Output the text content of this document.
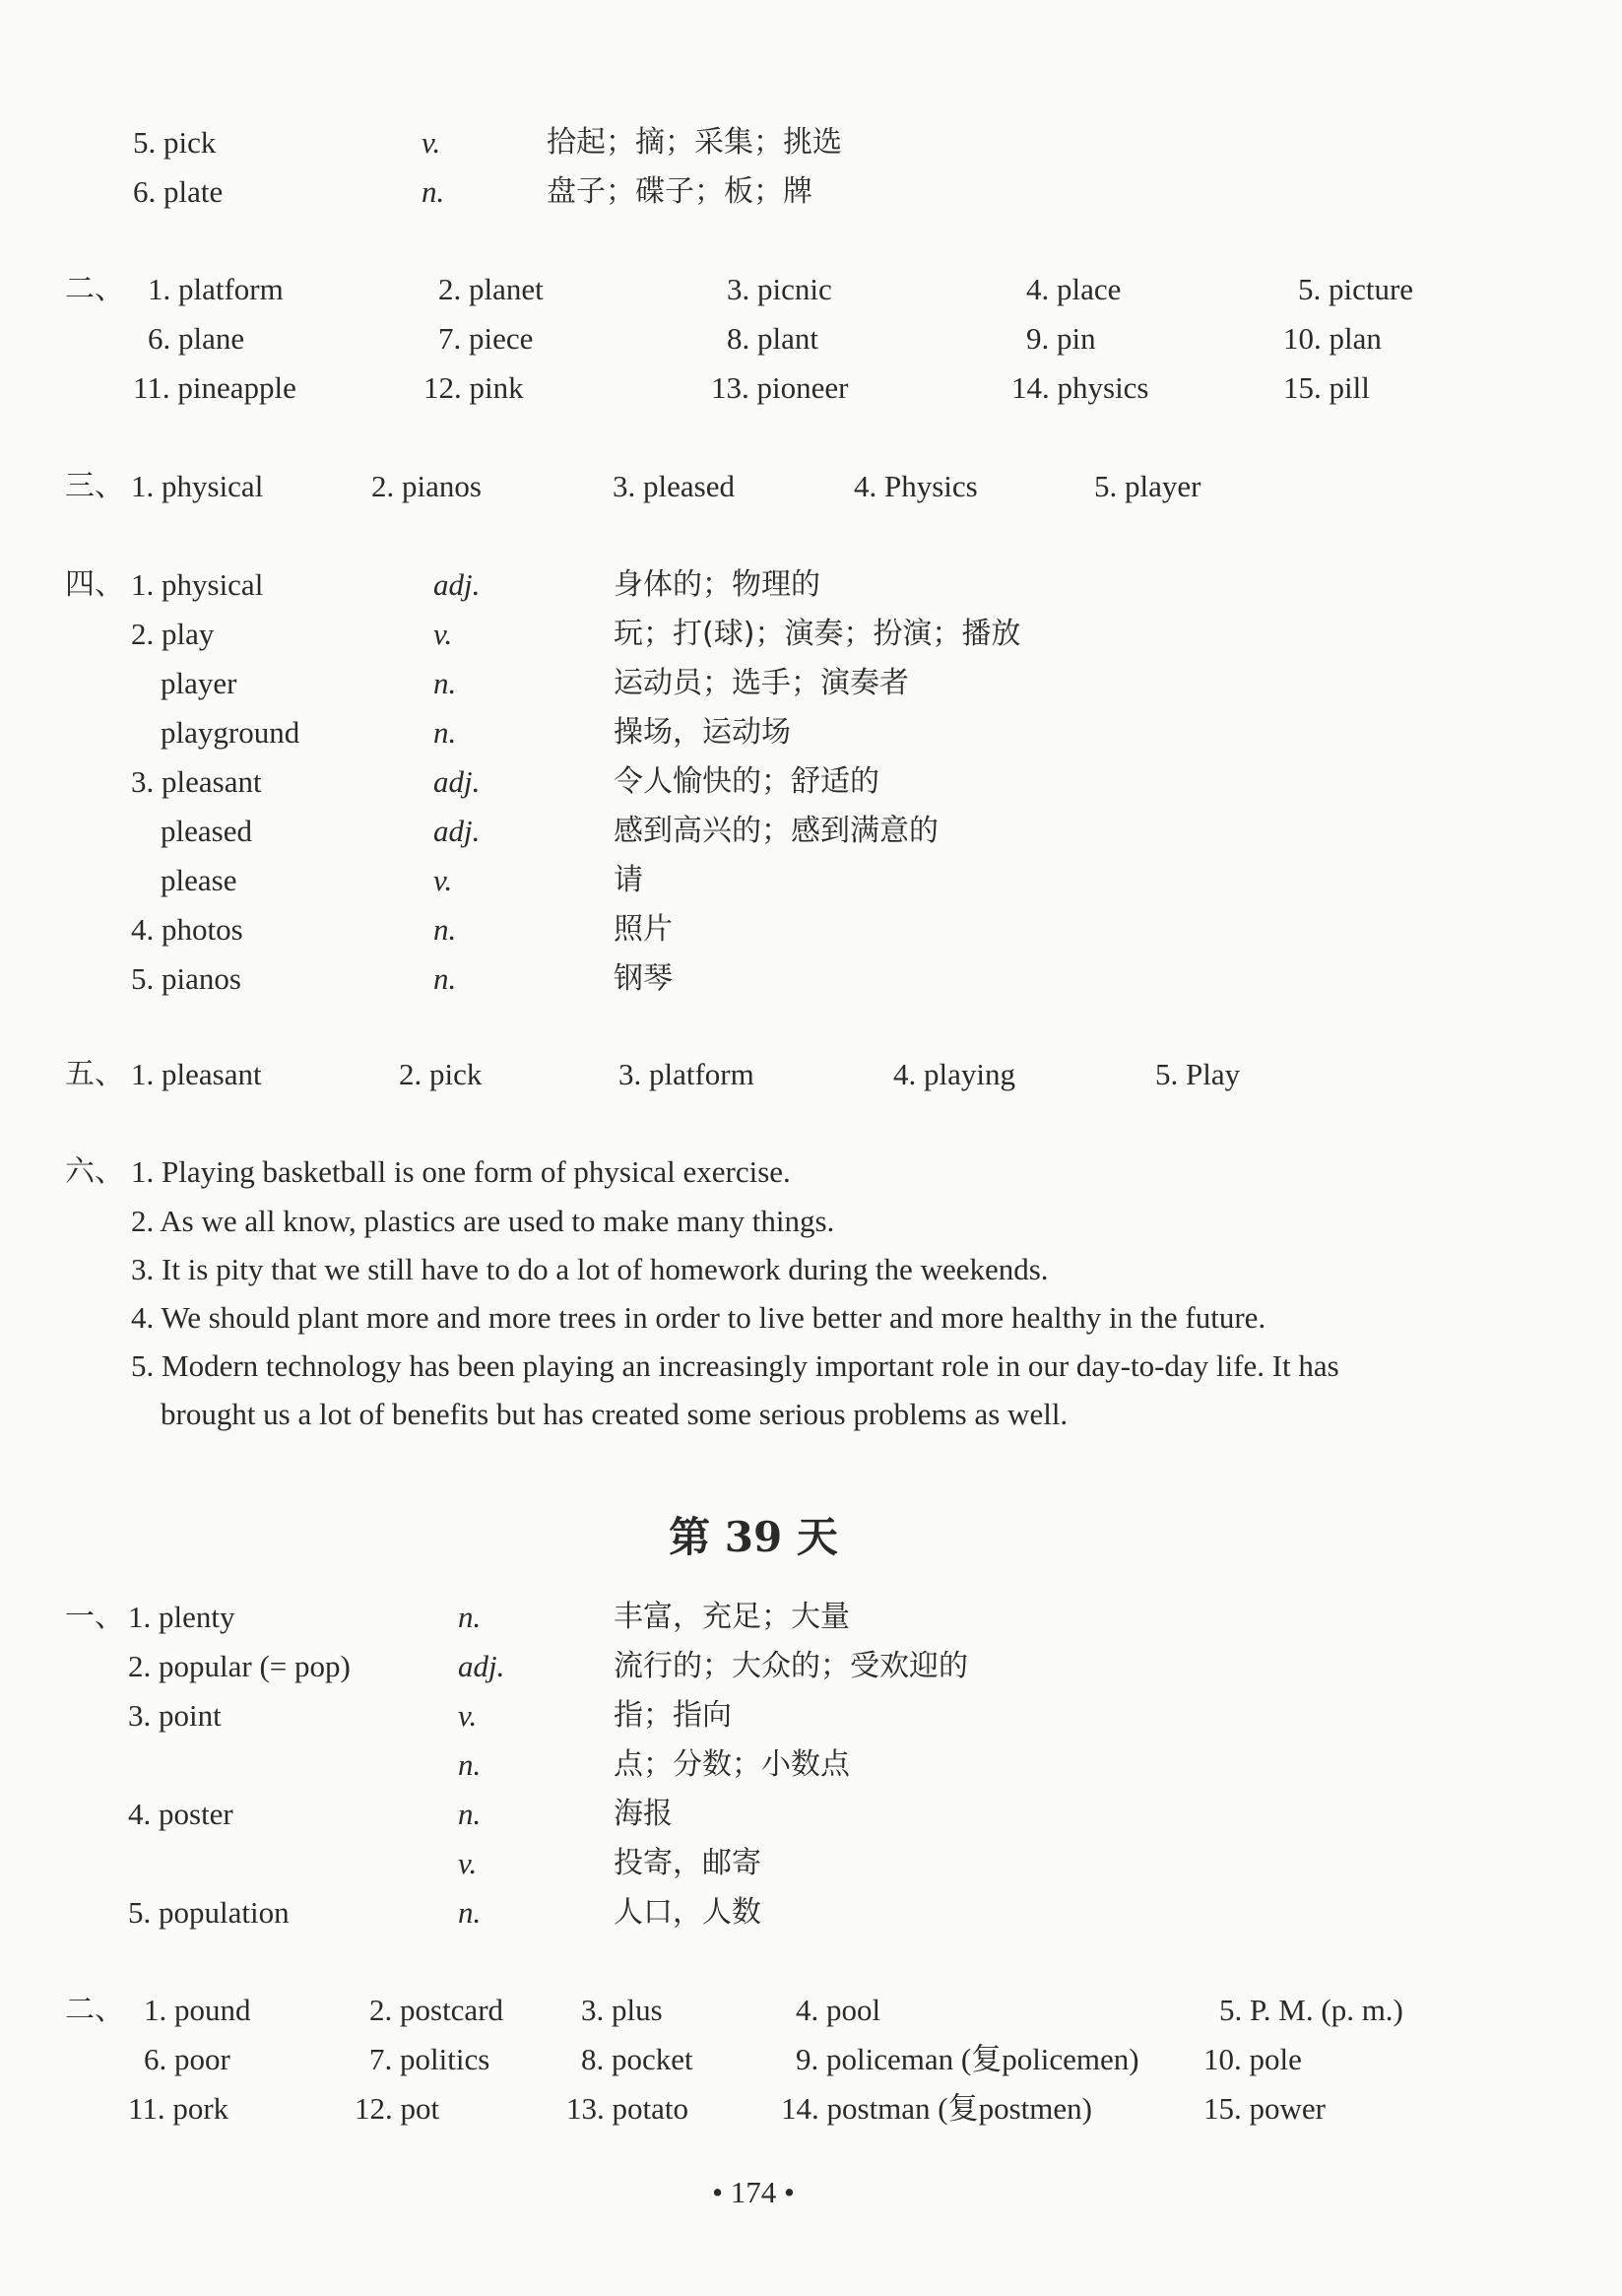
5. pick	v.	拾起；摘；采集；挑选
6. plate	n.	盘子；碟子；板；牌
二、 1. platform	2. planet	3. picnic	4. place	5. picture
6. plane	7. piece	8. plant	9. pin	10. plan
11. pineapple	12. pink	13. pioneer	14. physics	15. pill
三、 1. physical	2. pianos	3. pleased	4. Physics	5. player
四、 1. physical	adj.	身体的；物理的
2. play	v.	玩；打(球)；演奏；扮演；播放
player	n.	运动员；选手；演奏者
playground	n.	操场，运动场
3. pleasant	adj.	令人愉快的；舒适的
pleased	adj.	感到高兴的；感到满意的
please	v.	请
4. photos	n.	照片
5. pianos	n.	钢琴
五、 1. pleasant	2. pick	3. platform	4. playing	5. Play
六、 1. Playing basketball is one form of physical exercise.
2. As we all know, plastics are used to make many things.
3. It is pity that we still have to do a lot of homework during the weekends.
4. We should plant more and more trees in order to live better and more healthy in the future.
5. Modern technology has been playing an increasingly important role in our day-to-day life. It has
brought us a lot of benefits but has created some serious problems as well.
第 39 天
一、 1. plenty	n.	丰富，充足；大量
2. popular (= pop)	adj.	流行的；大众的；受欢迎的
3. point	v.	指；指向
n.	点；分数；小数点
4. poster	n.	海报
v.	投寄，邮寄
5. population	n.	人口，人数
二、 1. pound	2. postcard	3. plus	4. pool	5. P. M. (p. m.)
6. poor	7. politics	8. pocket	9. policeman (复policemen) 10. pole
11. pork	12. pot	13. potato	14. postman (复postmen)	15. power
• 174 •
